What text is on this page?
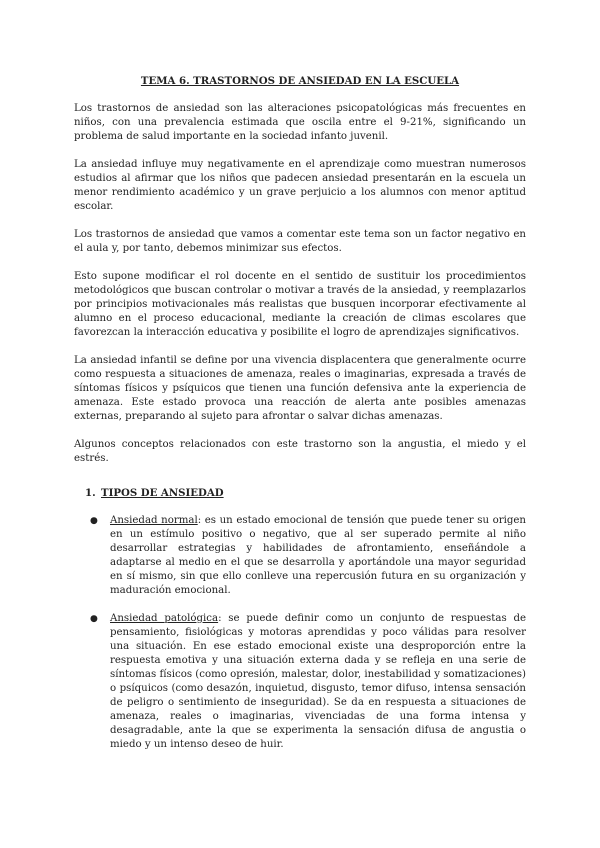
TEMA 6. TRASTORNOS DE ANSIEDAD EN LA ESCUELA

Los trastornos de ansiedad son las alteraciones psicopatológicas más frecuentes en niños, con una prevalencia estimada que oscila entre el 9-21%, significando un problema de salud importante en la sociedad infanto juvenil.

La ansiedad influye muy negativamente en el aprendizaje como muestran numerosos estudios al afirmar que los niños que padecen ansiedad presentarán en la escuela un menor rendimiento académico y un grave perjuicio a los alumnos con menor aptitud escolar.

Los trastornos de ansiedad que vamos a comentar este tema son un factor negativo en el aula y, por tanto, debemos minimizar sus efectos.

Esto supone modificar el rol docente en el sentido de sustituir los procedimientos metodológicos que buscan controlar o motivar a través de la ansiedad, y reemplazarlos por principios motivacionales más realistas que busquen incorporar efectivamente al alumno en el proceso educacional, mediante la creación de climas escolares que favorezcan la interacción educativa y posibilite el logro de aprendizajes significativos.

La ansiedad infantil se define por una vivencia displacentera que generalmente ocurre como respuesta a situaciones de amenaza, reales o imaginarias, expresada a través de síntomas físicos y psíquicos que tienen una función defensiva ante la experiencia de amenaza. Este estado provoca una reacción de alerta ante posibles amenazas externas, preparando al sujeto para afrontar o salvar dichas amenazas.

Algunos conceptos relacionados con este trastorno son la angustia, el miedo y el estrés.

1. TIPOS DE ANSIEDAD
● Ansiedad normal: es un estado emocional de tensión que puede tener su origen en un estímulo positivo o negativo, que al ser superado permite al niño desarrollar estrategias y habilidades de afrontamiento, enseñándole a adaptarse al medio en el que se desarrolla y aportándole una mayor seguridad en sí mismo, sin que ello conlleve una repercusión futura en su organización y maduración emocional.
● Ansiedad patológica: se puede definir como un conjunto de respuestas de pensamiento, fisiológicas y motoras aprendidas y poco válidas para resolver una situación. En ese estado emocional existe una desproporción entre la respuesta emotiva y una situación externa dada y se refleja en una serie de síntomas físicos (como opresión, malestar, dolor, inestabilidad y somatizaciones) o psíquicos (como desazón, inquietud, disgusto, temor difuso, intensa sensación de peligro o sentimiento de inseguridad). Se da en respuesta a situaciones de amenaza, reales o imaginarias, vivenciadas de una forma intensa y desagradable, ante la que se experimenta la sensación difusa de angustia o miedo y un intenso deseo de huir.
